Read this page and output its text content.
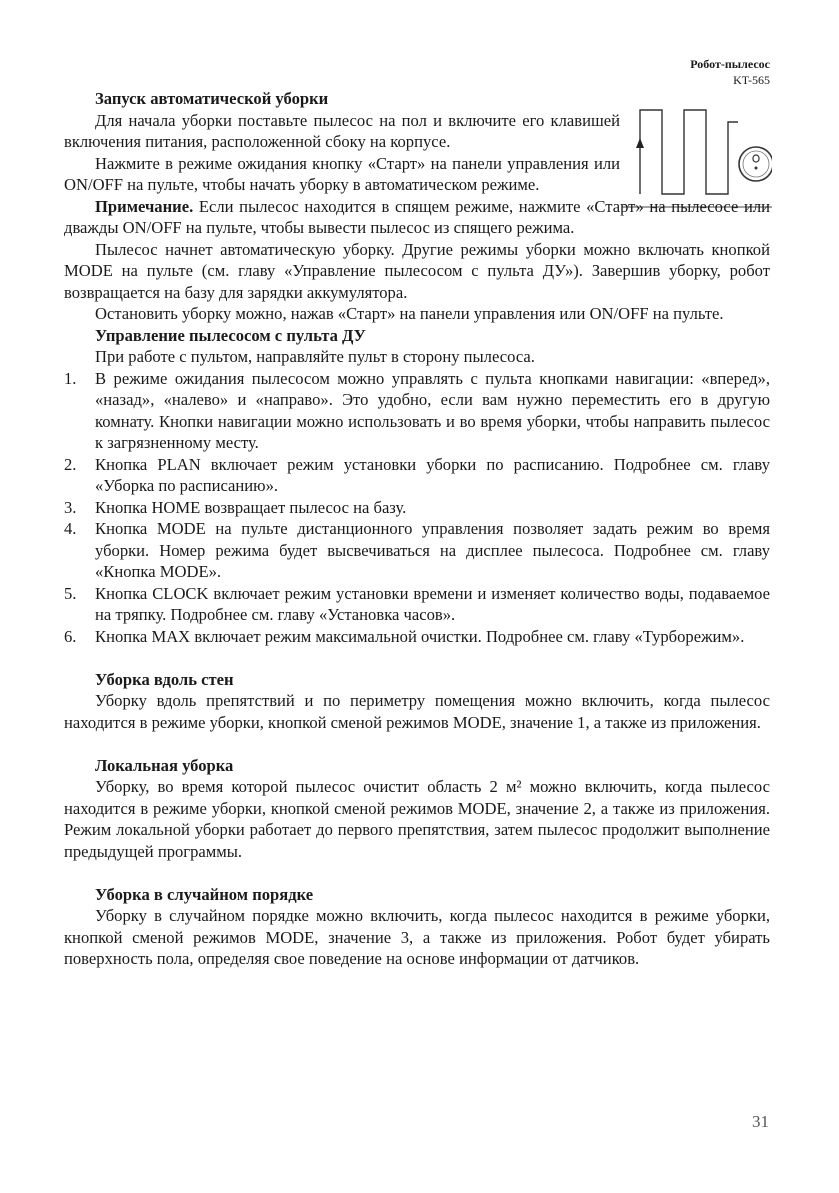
Робот-пылесос
KT-565
Запуск автоматической уборки

Для начала уборки поставьте пылесос на пол и включите его клавишей включения питания, расположенной сбоку на корпусе.

Нажмите в режиме ожидания кнопку «Старт» на панели управления или ON/OFF на пульте, чтобы начать уборку в автоматическом режиме.

Примечание. Если пылесос находится в спящем режиме, нажмите «Старт» на пылесосе или дважды ON/OFF на пульте, чтобы вывести пылесос из спящего режима.

Пылесос начнет автоматическую уборку. Другие режимы уборки можно включать кнопкой MODE на пульте (см. главу «Управление пылесосом с пульта ДУ»). Завершив уборку, робот возвращается на базу для зарядки аккумулятора.

Остановить уборку можно, нажав «Старт» на панели управления или ON/OFF на пульте.

Управление пылесосом с пульта ДУ

При работе с пультом, направляйте пульт в сторону пылесоса.

1. В режиме ожидания пылесосом можно управлять с пульта кнопками навигации: «вперед», «назад», «налево» и «направо». Это удобно, если вам нужно переместить его в другую комнату. Кнопки навигации можно использовать и во время уборки, чтобы направить пылесос к загрязненному месту.
2. Кнопка PLAN включает режим установки уборки по расписанию. Подробнее см. главу «Уборка по расписанию».
3. Кнопка HOME возвращает пылесос на базу.
4. Кнопка MODE на пульте дистанционного управления позволяет задать режим во время уборки. Номер режима будет высвечиваться на дисплее пылесоса. Подробнее см. главу «Кнопка MODE».
5. Кнопка CLOCK включает режим установки времени и изменяет количество воды, подаваемое на тряпку. Подробнее см. главу «Установка часов».
6. Кнопка MAX включает режим максимальной очистки. Подробнее см. главу «Турборежим».
Уборка вдоль стен

Уборку вдоль препятствий и по периметру помещения можно включить, когда пылесос находится в режиме уборки, кнопкой сменой режимов MODE, значение 1, а также из приложения.

Локальная уборка

Уборку, во время которой пылесос очистит область 2 м² можно включить, когда пылесос находится в режиме уборки, кнопкой сменой режимов MODE, значение 2, а также из приложения. Режим локальной уборки работает до первого препятствия, затем пылесос продолжит выполнение предыдущей программы.

Уборка в случайном порядке

Уборку в случайном порядке можно включить, когда пылесос находится в режиме уборки, кнопкой сменой режимов MODE, значение 3, а также из приложения. Робот будет убирать поверхность пола, определяя свое поведение на основе информации от датчиков.

31
